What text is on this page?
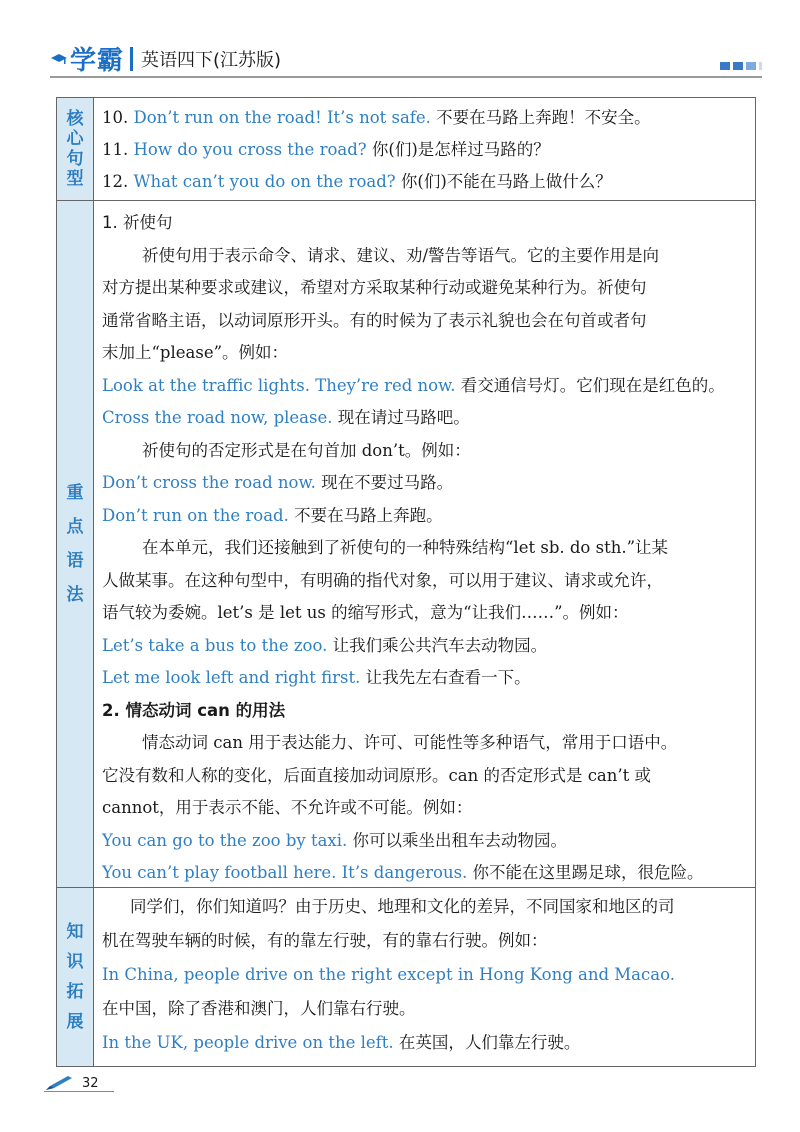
学霸 英语四下(江苏版)
核
心
句
型
10. Don’t run on the road! It’s not safe. 不要在马路上奔跑！不安全。
11. How do you cross the road? 你(们)是怎样过马路的？
12. What can’t you do on the road? 你(们)不能在马路上做什么？
重
点
语
法
1. 祈使句
祈使句用于表示命令、请求、建议、劝/警告等语气。它的主要作用是向
对方提出某种要求或建议，希望对方采取某种行动或避免某种行为。祈使句
通常省略主语，以动词原形开头。有的时候为了表示礼貌也会在句首或者句
末加上“please”。例如：
Look at the traffic lights. They’re red now. 看交通信号灯。它们现在是红色的。
Cross the road now, please. 现在请过马路吧。
祈使句的否定形式是在句首加 don’t。例如：
Don’t cross the road now. 现在不要过马路。
Don’t run on the road. 不要在马路上奔跑。
在本单元，我们还接触到了祈使句的一种特殊结构“let sb. do sth.”让某
人做某事。在这种句型中，有明确的指代对象，可以用于建议、请求或允许，
语气较为委婉。let’s 是 let us 的缩写形式，意为“让我们……”。例如：
Let’s take a bus to the zoo. 让我们乘公共汽车去动物园。
Let me look left and right first. 让我先左右查看一下。
2. 情态动词 can 的用法
情态动词 can 用于表达能力、许可、可能性等多种语气，常用于口语中。
它没有数和人称的变化，后面直接加动词原形。can 的否定形式是 can’t 或
cannot，用于表示不能、不允许或不可能。例如：
You can go to the zoo by taxi. 你可以乘坐出租车去动物园。
You can’t play football here. It’s dangerous. 你不能在这里踢足球，很危险。
知
识
拓
展
同学们，你们知道吗？由于历史、地理和文化的差异，不同国家和地区的司
机在驾驶车辆的时候，有的靠左行驶，有的靠右行驶。例如：
In China, people drive on the right except in Hong Kong and Macao.
在中国，除了香港和澳门，人们靠右行驶。
In the UK, people drive on the left. 在英国，人们靠左行驶。
32
